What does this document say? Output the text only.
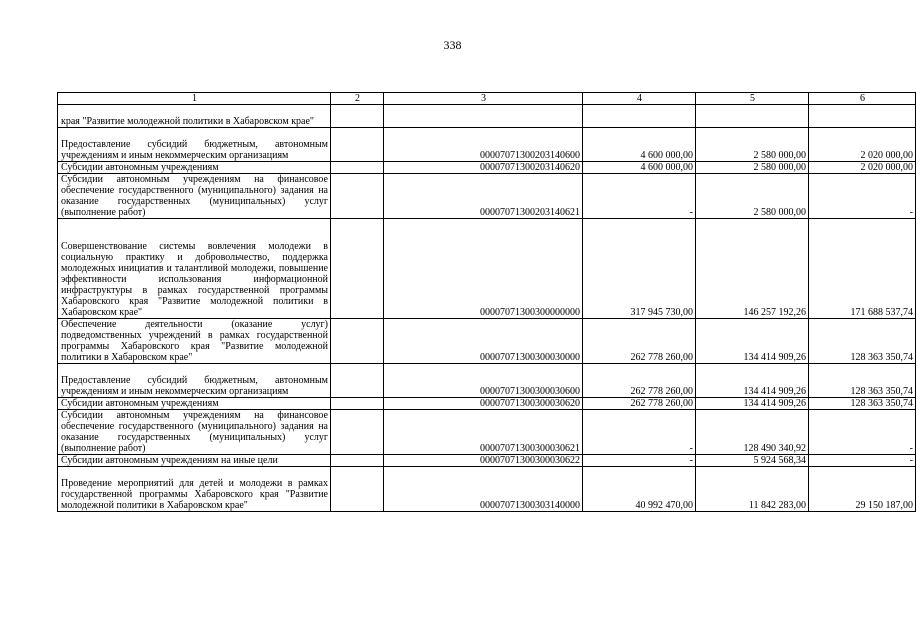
338
1	2	3	4	5	6
края "Развитие молодежной политики в Хабаровском крае"					
Предоставление субсидий бюджетным, автономным учреждениям и иным некоммерческим организациям		00007071300203140600	4 600 000,00	2 580 000,00	2 020 000,00
Субсидии автономным учреждениям		00007071300203140620	4 600 000,00	2 580 000,00	2 020 000,00
Субсидии автономным учреждениям на финансовое обеспечение государственного (муниципального) задания на оказание государственных (муниципальных) услуг (выполнение работ)		00007071300203140621	-	2 580 000,00	-
Совершенствование системы вовлечения молодежи в социальную практику и добровольчество, поддержка молодежных инициатив и талантливой молодежи, повышение эффективности использования информационной инфраструктуры в рамках государственной программы Хабаровского края "Развитие молодежной политики в Хабаровском крае"		00007071300300000000	317 945 730,00	146 257 192,26	171 688 537,74
Обеспечение деятельности (оказание услуг) подведомственных учреждений в рамках государственной программы Хабаровского края "Развитие молодежной политики в Хабаровском крае"		00007071300300030000	262 778 260,00	134 414 909,26	128 363 350,74
Предоставление субсидий бюджетным, автономным учреждениям и иным некоммерческим организациям		00007071300300030600	262 778 260,00	134 414 909,26	128 363 350,74
Субсидии автономным учреждениям		00007071300300030620	262 778 260,00	134 414 909,26	128 363 350,74
Субсидии автономным учреждениям на финансовое обеспечение государственного (муниципального) задания на оказание государственных (муниципальных) услуг (выполнение работ)		00007071300300030621	-	128 490 340,92	-
Субсидии автономным учреждениям на иные цели		00007071300300030622	-	5 924 568,34	-
Проведение мероприятий для детей и молодежи в рамках государственной программы Хабаровского края "Развитие молодежной политики в Хабаровском крае"		00007071300303140000	40 992 470,00	11 842 283,00	29 150 187,00
